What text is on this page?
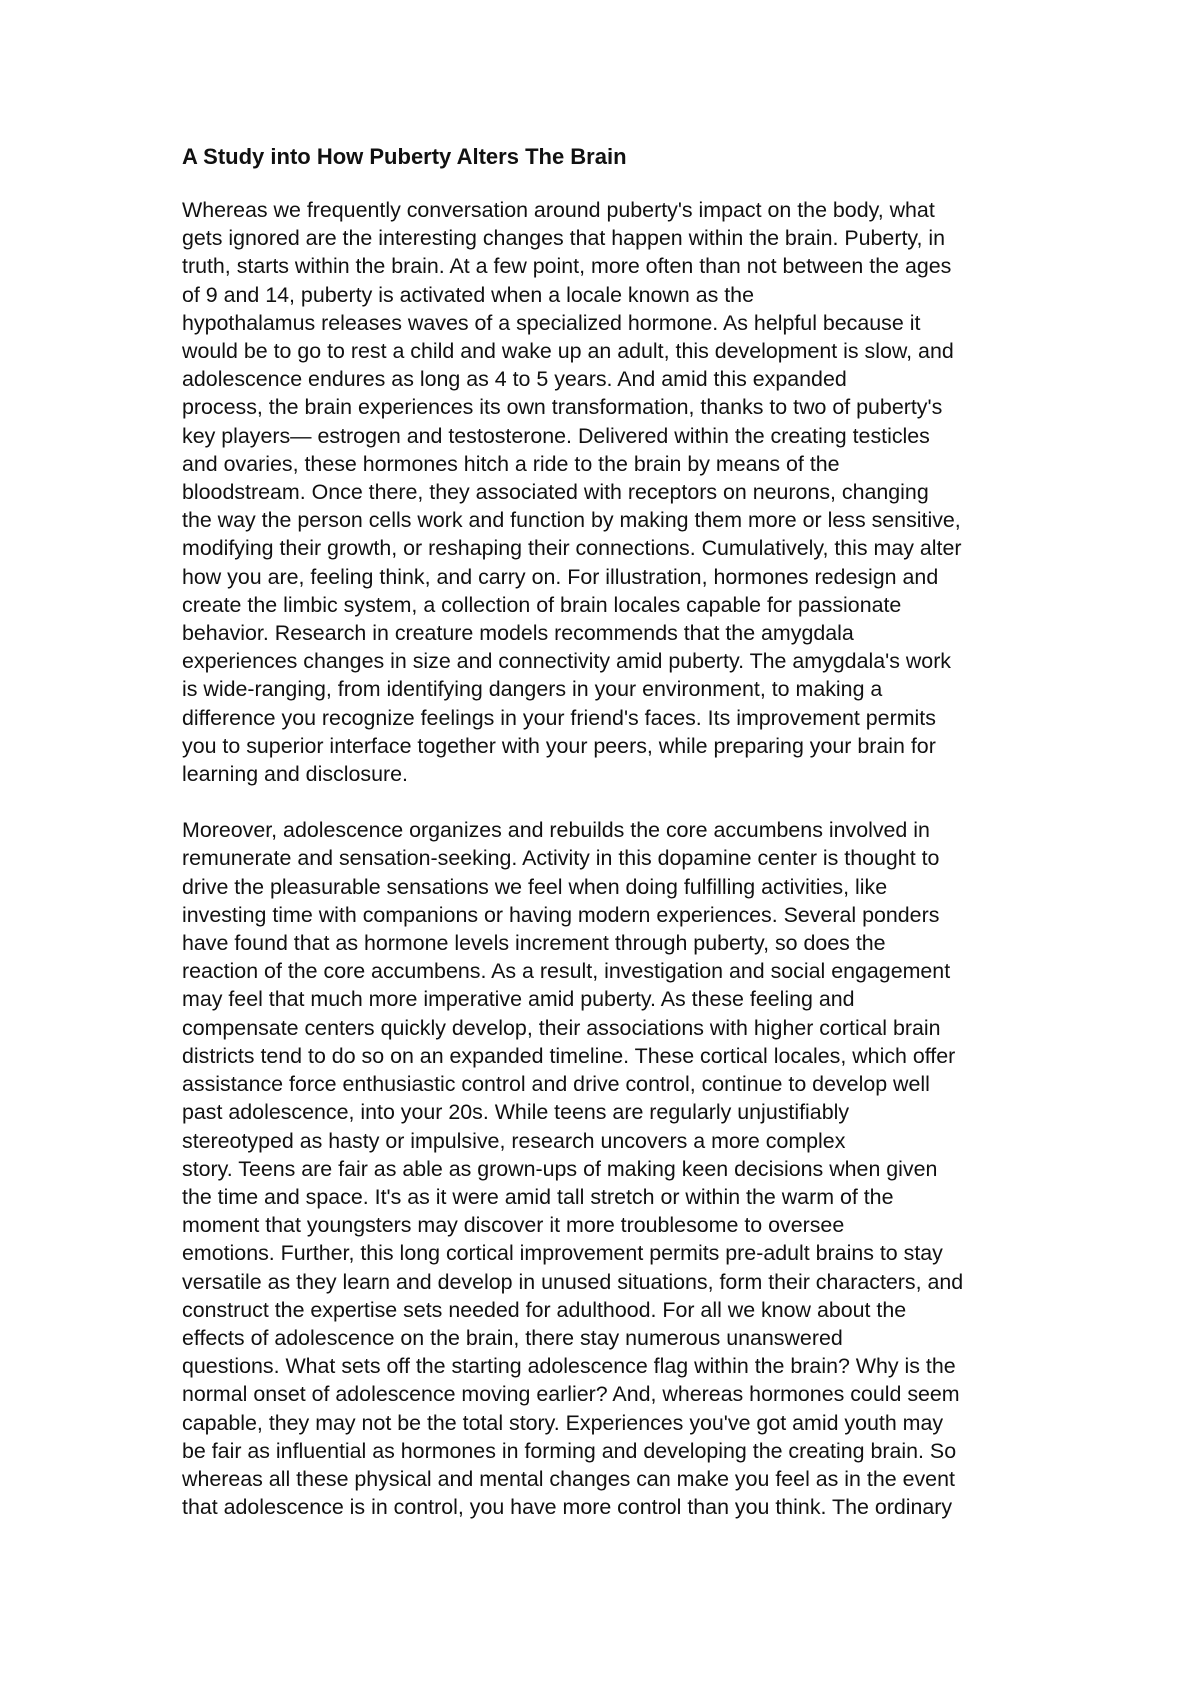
A Study into How Puberty Alters The Brain

Whereas we frequently conversation around puberty's impact on the body, what
gets ignored are the interesting changes that happen within the brain. Puberty, in
truth, starts within the brain. At a few point, more often than not between the ages
of 9 and 14, puberty is activated when a locale known as the
hypothalamus releases waves of a specialized hormone. As helpful because it
would be to go to rest a child and wake up an adult, this development is slow, and
adolescence endures as long as 4 to 5 years. And amid this expanded
process, the brain experiences its own transformation, thanks to two of puberty's
key players— estrogen and testosterone. Delivered within the creating testicles
and ovaries, these hormones hitch a ride to the brain by means of the
bloodstream. Once there, they associated with receptors on neurons, changing
the way the person cells work and function by making them more or less sensitive,
modifying their growth, or reshaping their connections. Cumulatively, this may alter
how you are, feeling think, and carry on. For illustration, hormones redesign and
create the limbic system, a collection of brain locales capable for passionate
behavior. Research in creature models recommends that the amygdala
experiences changes in size and connectivity amid puberty. The amygdala's work
is wide-ranging, from identifying dangers in your environment, to making a
difference you recognize feelings in your friend's faces. Its improvement permits
you to superior interface together with your peers, while preparing your brain for
learning and disclosure.

Moreover, adolescence organizes and rebuilds the core accumbens involved in
remunerate and sensation-seeking. Activity in this dopamine center is thought to
drive the pleasurable sensations we feel when doing fulfilling activities, like
investing time with companions or having modern experiences. Several ponders
have found that as hormone levels increment through puberty, so does the
reaction of the core accumbens. As a result, investigation and social engagement
may feel that much more imperative amid puberty. As these feeling and
compensate centers quickly develop, their associations with higher cortical brain
districts tend to do so on an expanded timeline. These cortical locales, which offer
assistance force enthusiastic control and drive control, continue to develop well
past adolescence, into your 20s. While teens are regularly unjustifiably
stereotyped as hasty or impulsive, research uncovers a more complex
story. Teens are fair as able as grown-ups of making keen decisions when given
the time and space. It's as it were amid tall stretch or within the warm of the
moment that youngsters may discover it more troublesome to oversee
emotions. Further, this long cortical improvement permits pre-adult brains to stay
versatile as they learn and develop in unused situations, form their characters, and
construct the expertise sets needed for adulthood. For all we know about the
effects of adolescence on the brain, there stay numerous unanswered
questions. What sets off the starting adolescence flag within the brain? Why is the
normal onset of adolescence moving earlier? And, whereas hormones could seem
capable, they may not be the total story. Experiences you've got amid youth may
be fair as influential as hormones in forming and developing the creating brain. So
whereas all these physical and mental changes can make you feel as in the event
that adolescence is in control, you have more control than you think. The ordinary
